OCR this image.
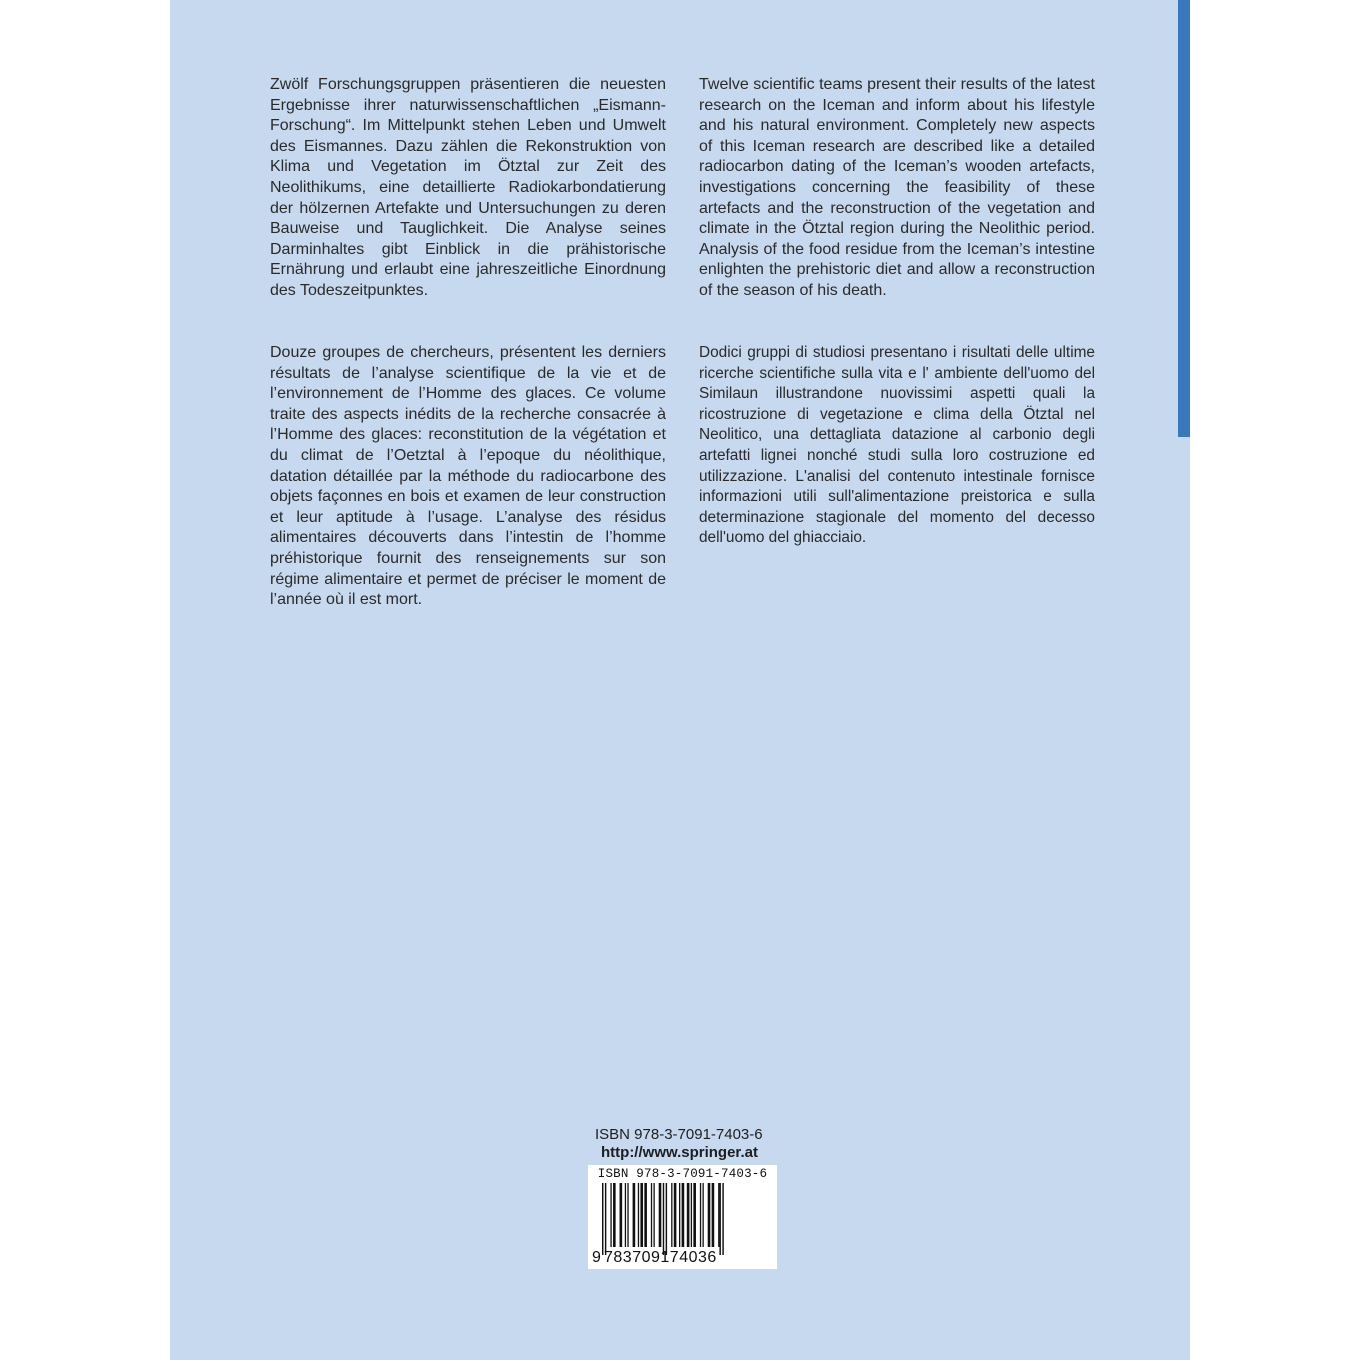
Zwölf Forschungsgruppen präsentieren die neuesten Ergebnisse ihrer naturwissenschaftlichen „Eismann-Forschung“. Im Mittelpunkt stehen Leben und Umwelt des Eismannes. Dazu zählen die Rekonstruktion von Klima und Vegetation im Ötztal zur Zeit des Neolithikums, eine detaillierte Radiokarbondatierung der hölzernen Artefakte und Untersuchungen zu deren Bauweise und Tauglichkeit. Die Analyse seines Darminhaltes gibt Einblick in die prähistorische Ernährung und erlaubt eine jahreszeitliche Einordnung des Todeszeitpunktes.

Twelve scientific teams present their results of the latest research on the Iceman and inform about his lifestyle and his natural environment. Completely new aspects of this Iceman research are described like a detailed radiocarbon dating of the Iceman’s wooden artefacts, investigations concerning the feasibility of these artefacts and the reconstruction of the vegetation and climate in the Ötztal region during the Neolithic period. Analysis of the food residue from the Iceman’s intestine enlighten the prehistoric diet and allow a reconstruction of the season of his death.

Douze groupes de chercheurs, présentent les derniers résultats de l’analyse scientifique de la vie et de l’environnement de l’Homme des glaces. Ce volume traite des aspects inédits de la recherche consacrée à l’Homme des glaces: reconstitution de la végétation et du climat de l’Oetztal à l’epoque du néolithique, datation détaillée par la méthode du radiocarbone des objets façonnes en bois et examen de leur construction et leur aptitude à l’usage. L’analyse des résidus alimentaires découverts dans l’intestin de l’homme préhistorique fournit des renseignements sur son régime alimentaire et permet de préciser le moment de l’année où il est mort.

Dodici gruppi di studiosi presentano i risultati delle ultime ricerche scientifiche sulla vita e l' ambiente dell'uomo del Similaun illustrandone nuovissimi aspetti quali la ricostruzione di vegetazione e clima della Ötztal nel Neolitico, una dettagliata datazione al carbonio degli artefatti lignei nonché studi sulla loro costruzione ed utilizzazione. L'analisi del contenuto intestinale fornisce informazioni utili sull'alimentazione preistorica e sulla determinazione stagionale del momento del decesso dell'uomo del ghiacciaio.

ISBN 978-3-7091-7403-6
http://www.springer.at
ISBN 978-3-7091-7403-6
9 783709174036
